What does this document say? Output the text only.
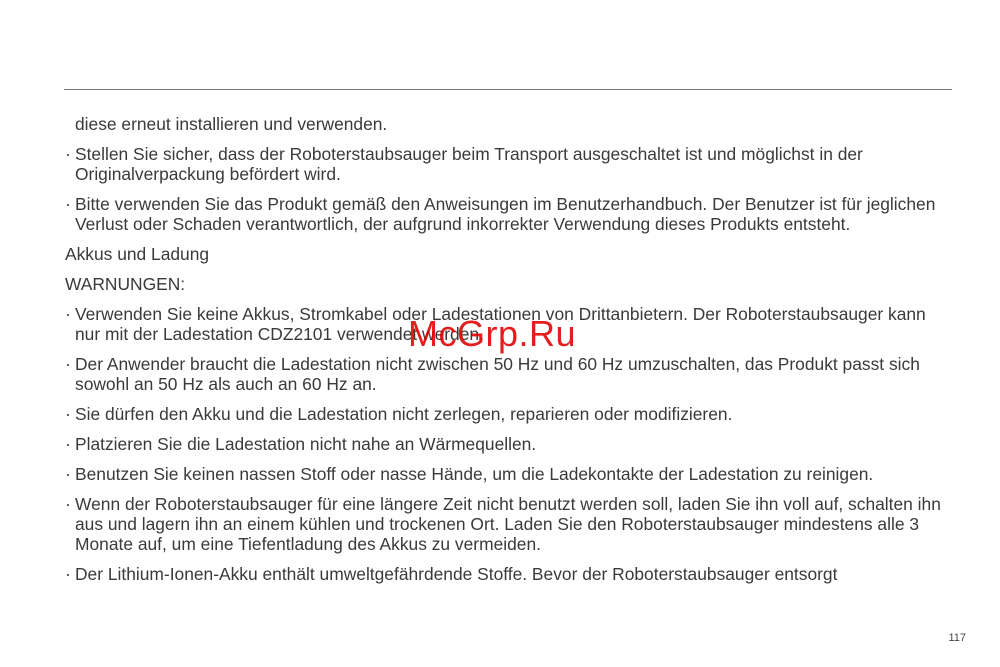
diese erneut installieren und verwenden.

· Stellen Sie sicher, dass der Roboterstaubsauger beim Transport ausgeschaltet ist und möglichst in der Originalverpackung befördert wird.
· Bitte verwenden Sie das Produkt gemäß den Anweisungen im Benutzerhandbuch. Der Benutzer ist für jeglichen Verlust oder Schaden verantwortlich, der aufgrund inkorrekter Verwendung dieses Produkts entsteht.

Akkus und Ladung

WARNUNGEN:

· Verwenden Sie keine Akkus, Stromkabel oder Ladestationen von Drittanbietern. Der Roboterstaubsauger kann nur mit der Ladestation CDZ2101 verwendet werden.
· Der Anwender braucht die Ladestation nicht zwischen 50 Hz und 60 Hz umzuschalten, das Produkt passt sich sowohl an 50 Hz als auch an 60 Hz an.
· Sie dürfen den Akku und die Ladestation nicht zerlegen, reparieren oder modifizieren.
· Platzieren Sie die Ladestation nicht nahe an Wärmequellen.
· Benutzen Sie keinen nassen Stoff oder nasse Hände, um die Ladekontakte der Ladestation zu reinigen.
· Wenn der Roboterstaubsauger für eine längere Zeit nicht benutzt werden soll, laden Sie ihn voll auf, schalten ihn aus und lagern ihn an einem kühlen und trockenen Ort. Laden Sie den Roboterstaubsauger mindestens alle 3 Monate auf, um eine Tiefentladung des Akkus zu vermeiden.
· Der Lithium-Ionen-Akku enthält umweltgefährdende Stoffe. Bevor der Roboterstaubsauger entsorgt
McGrp.Ru
117
